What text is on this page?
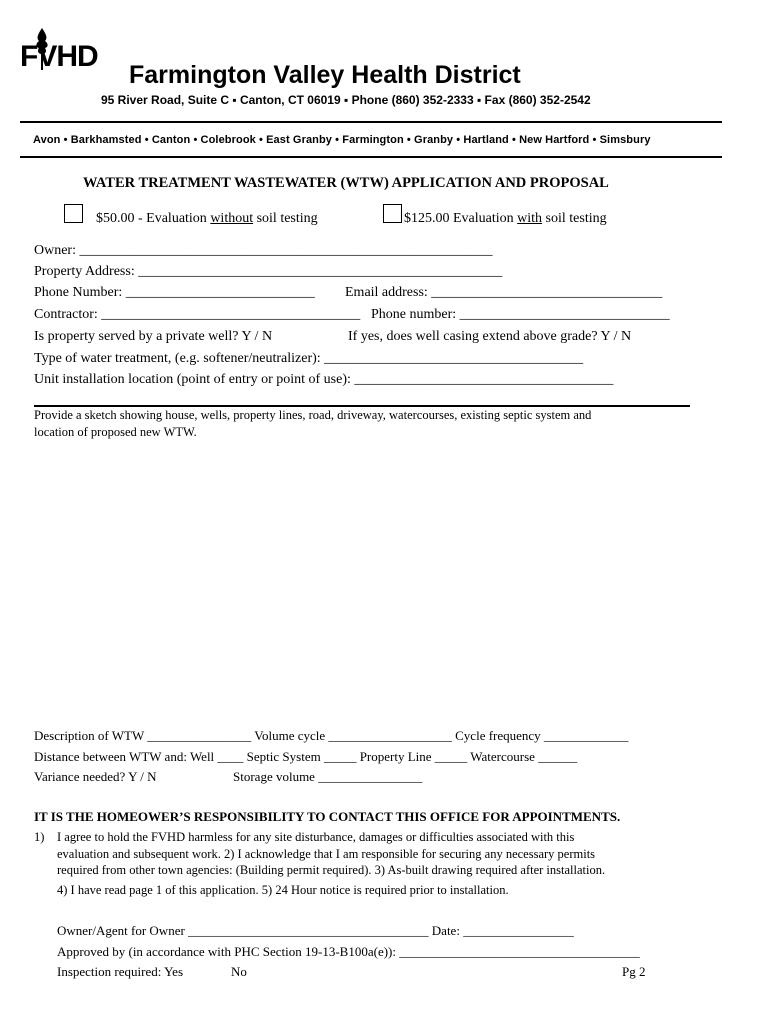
FVHD
Farmington Valley Health District
95 River Road, Suite C ▪ Canton, CT 06019 ▪ Phone (860) 352-2333 ▪ Fax (860) 352-2542
Avon • Barkhamsted • Canton • Colebrook • East Granby • Farmington • Granby • Hartland • New Hartford • Simsbury
WATER TREATMENT WASTEWATER (WTW) APPLICATION AND PROPOSAL
$50.00 - Evaluation without soil testing	$125.00 Evaluation with soil testing
Owner: ___________________________________________________________
Property Address: ____________________________________________________
Phone Number: ___________________________ Email address: _________________________________
Contractor: _____________________________________ Phone number: ______________________________
Is property served by a private well? Y / N	If yes, does well casing extend above grade? Y / N
Type of water treatment, (e.g. softener/neutralizer): _____________________________________
Unit installation location (point of entry or point of use): _____________________________________
Provide a sketch showing house, wells, property lines, road, driveway, watercourses, existing septic system and
location of proposed new WTW.
Description of WTW ________________ Volume cycle ___________________ Cycle frequency _____________
Distance between WTW and: Well ____ Septic System _____ Property Line _____ Watercourse ______
Variance needed? Y / N	Storage volume ________________
IT IS THE HOMEOWER’S RESPONSIBILITY TO CONTACT THIS OFFICE FOR APPOINTMENTS.
1) I agree to hold the FVHD harmless for any site disturbance, damages or difficulties associated with this
evaluation and subsequent work. 2) I acknowledge that I am responsible for securing any necessary permits
required from other town agencies: (Building permit required). 3) As-built drawing required after installation.
4) I have read page 1 of this application. 5) 24 Hour notice is required prior to installation.
Owner/Agent for Owner _____________________________________ Date: _________________
Approved by (in accordance with PHC Section 19-13-B100a(e)): _____________________________________
Inspection required: Yes	No	Pg 2
